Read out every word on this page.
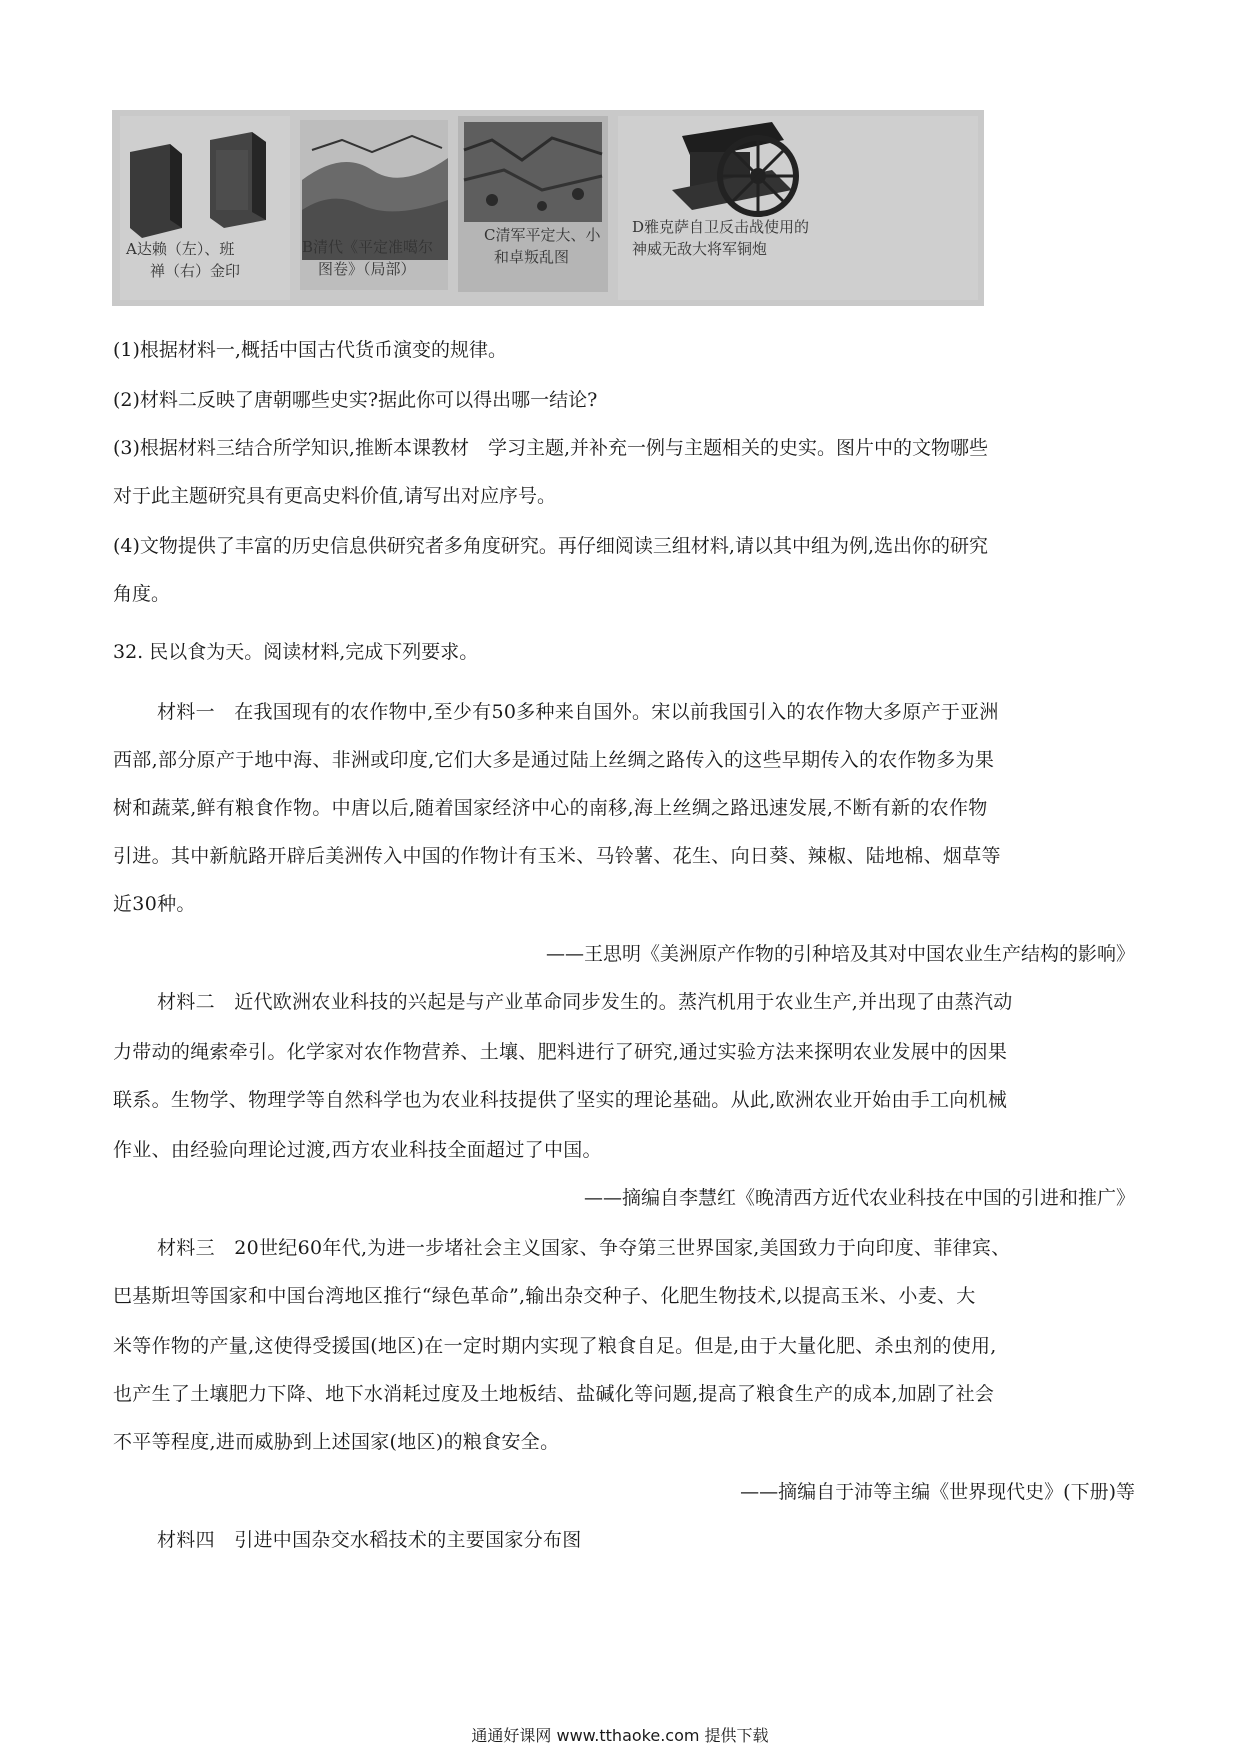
A达赖（左）、班
禅（右）金印
B清代《平定准噶尔
图卷》（局部）
C清军平定大、小
和卓叛乱图
D雅克萨自卫反击战使用的
神威无敌大将军铜炮
(1)根据材料一,概括中国古代货币演变的规律。
(2)材料二反映了唐朝哪些史实?据此你可以得出哪一结论?
(3)根据材料三结合所学知识,推断本课教材　学习主题,并补充一例与主题相关的史实。图片中的文物哪些
对于此主题研究具有更高史料价值,请写出对应序号。
(4)文物提供了丰富的历史信息供研究者多角度研究。再仔细阅读三组材料,请以其中组为例,选出你的研究
角度。
32. 民以食为天。阅读材料,完成下列要求。
材料一　在我国现有的农作物中,至少有50多种来自国外。宋以前我国引入的农作物大多原产于亚洲
西部,部分原产于地中海、非洲或印度,它们大多是通过陆上丝绸之路传入的这些早期传入的农作物多为果
树和蔬菜,鲜有粮食作物。中唐以后,随着国家经济中心的南移,海上丝绸之路迅速发展,不断有新的农作物
引进。其中新航路开辟后美洲传入中国的作物计有玉米、马铃薯、花生、向日葵、辣椒、陆地棉、烟草等
近30种。
——王思明《美洲原产作物的引种培及其对中国农业生产结构的影响》
材料二　近代欧洲农业科技的兴起是与产业革命同步发生的。蒸汽机用于农业生产,并出现了由蒸汽动
力带动的绳索牵引。化学家对农作物营养、土壤、肥料进行了研究,通过实验方法来探明农业发展中的因果
联系。生物学、物理学等自然科学也为农业科技提供了坚实的理论基础。从此,欧洲农业开始由手工向机械
作业、由经验向理论过渡,西方农业科技全面超过了中国。
——摘编自李慧红《晚清西方近代农业科技在中国的引进和推广》
材料三　20世纪60年代,为进一步堵社会主义国家、争夺第三世界国家,美国致力于向印度、菲律宾、
巴基斯坦等国家和中国台湾地区推行“绿色革命”,输出杂交种子、化肥生物技术,以提高玉米、小麦、大
米等作物的产量,这使得受援国(地区)在一定时期内实现了粮食自足。但是,由于大量化肥、杀虫剂的使用,
也产生了土壤肥力下降、地下水消耗过度及土地板结、盐碱化等问题,提高了粮食生产的成本,加剧了社会
不平等程度,进而威胁到上述国家(地区)的粮食安全。
——摘编自于沛等主编《世界现代史》(下册)等
材料四　引进中国杂交水稻技术的主要国家分布图
通通好课网 www.tthaoke.com 提供下载
